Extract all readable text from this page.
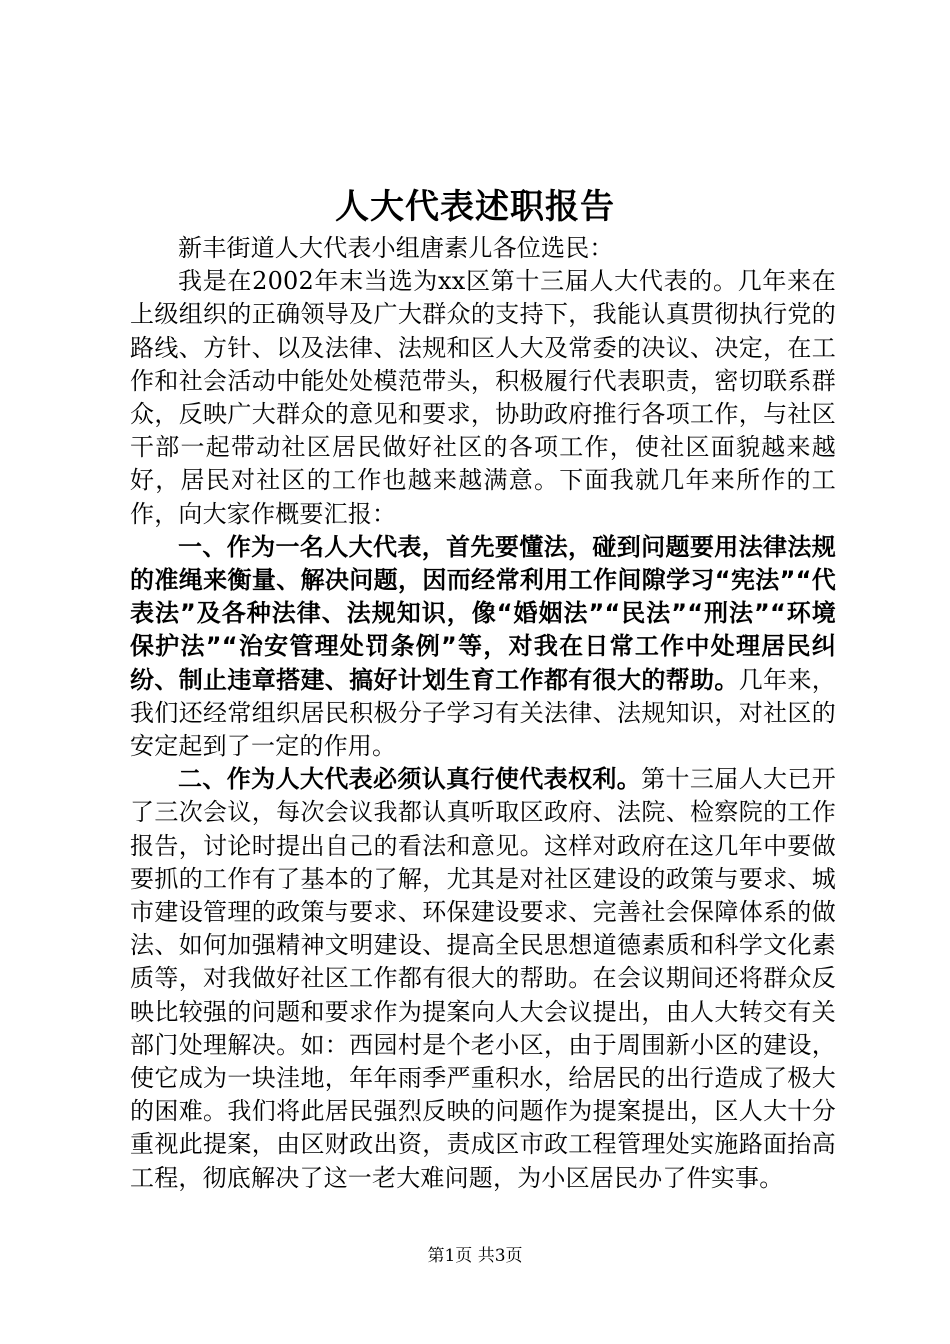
人大代表述职报告

新丰街道人大代表小组唐素儿各位选民：

我是在2002年末当选为xx区第十三届人大代表的。几年来在上级组织的正确领导及广大群众的支持下，我能认真贯彻执行党的路线、方针、以及法律、法规和区人大及常委的决议、决定，在工作和社会活动中能处处模范带头，积极履行代表职责，密切联系群众，反映广大群众的意见和要求，协助政府推行各项工作，与社区干部一起带动社区居民做好社区的各项工作，使社区面貌越来越好，居民对社区的工作也越来越满意。下面我就几年来所作的工作，向大家作概要汇报：

一、作为一名人大代表，首先要懂法，碰到问题要用法律法规的准绳来衡量、解决问题，因而经常利用工作间隙学习“宪法”“代表法”及各种法律、法规知识，像“婚姻法”“民法”“刑法”“环境保护法”“治安管理处罚条例”等，对我在日常工作中处理居民纠纷、制止违章搭建、搞好计划生育工作都有很大的帮助。几年来，我们还经常组织居民积极分子学习有关法律、法规知识，对社区的安定起到了一定的作用。

二、作为人大代表必须认真行使代表权利。第十三届人大已开了三次会议，每次会议我都认真听取区政府、法院、检察院的工作报告，讨论时提出自己的看法和意见。这样对政府在这几年中要做要抓的工作有了基本的了解，尤其是对社区建设的政策与要求、城市建设管理的政策与要求、环保建设要求、完善社会保障体系的做法、如何加强精神文明建设、提高全民思想道德素质和科学文化素质等，对我做好社区工作都有很大的帮助。在会议期间还将群众反映比较强的问题和要求作为提案向人大会议提出，由人大转交有关部门处理解决。如：西园村是个老小区，由于周围新小区的建设，使它成为一块洼地，年年雨季严重积水，给居民的出行造成了极大的困难。我们将此居民强烈反映的问题作为提案提出，区人大十分重视此提案，由区财政出资，责成区市政工程管理处实施路面抬高工程，彻底解决了这一老大难问题，为小区居民办了件实事。

第1页 共3页
